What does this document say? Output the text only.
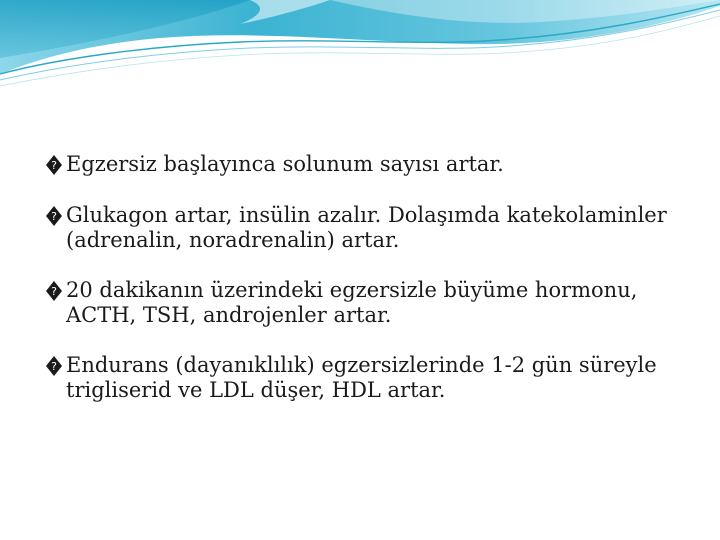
? Egzersiz başlayınca solunum sayısı artar.
? Glukagon artar, insülin azalır. Dolaşımda katekolaminler (adrenalin, noradrenalin) artar.
? 20 dakikanın üzerindeki egzersizle büyüme hormonu, ACTH, TSH, androjenler artar.
? Endurans (dayanıklılık) egzersizlerinde 1-2 gün süreyle trigliserid ve LDL düşer, HDL artar.
